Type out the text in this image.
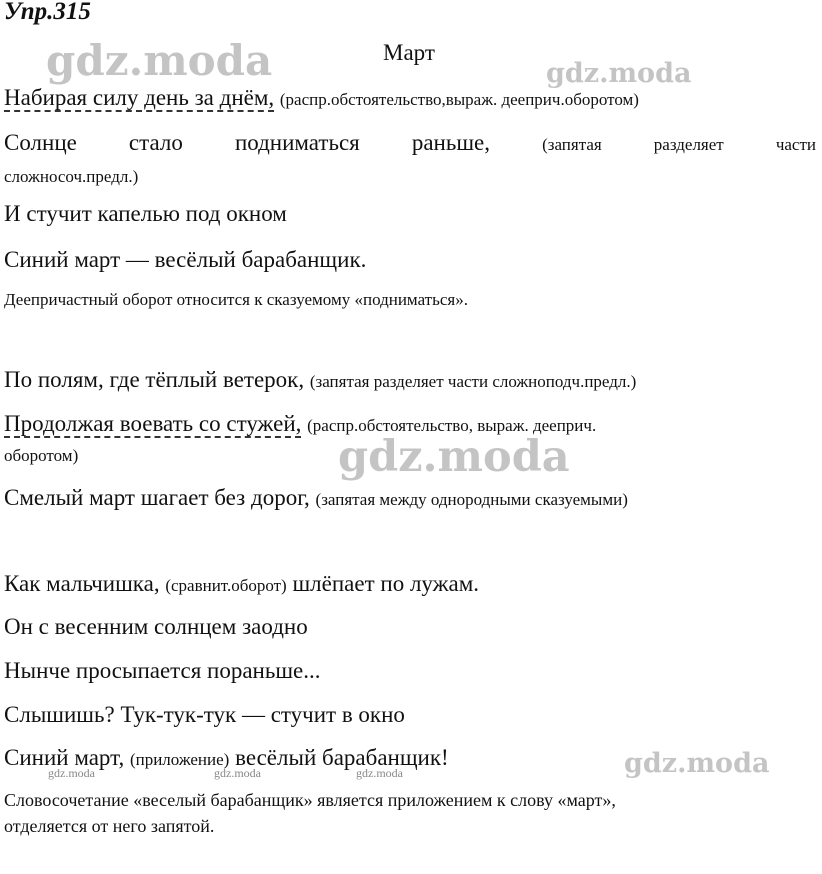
Упр.315
Март
gdz.moda	gdz.moda
gdz.moda
gdz.moda
gdz.moda	gdz.moda	gdz.moda
Набирая силу день за днём, (распр.обстоятельство,выраж. дееприч.оборотом)
Солнце стало подниматься раньше,	(запятая	разделяет	части
сложносоч.предл.)
И стучит капелью под окном
Синий март — весёлый барабанщик.
Деепричастный оборот относится к сказуемому «подниматься».
По полям, где тёплый ветерок, (запятая разделяет части сложноподч.предл.)
Продолжая воевать со стужей, (распр.обстоятельство, выраж. дееприч.
оборотом)
Смелый март шагает без дорог, (запятая между однородными сказуемыми)
Как мальчишка, (сравнит.оборот) шлёпает по лужам.
Он с весенним солнцем заодно
Нынче просыпается пораньше...
Слышишь? Тук-тук-тук — стучит в окно
Синий март, (приложение) весёлый барабанщик!
Словосочетание «веселый барабанщик» является приложением к слову «март»,
отделяется от него запятой.
